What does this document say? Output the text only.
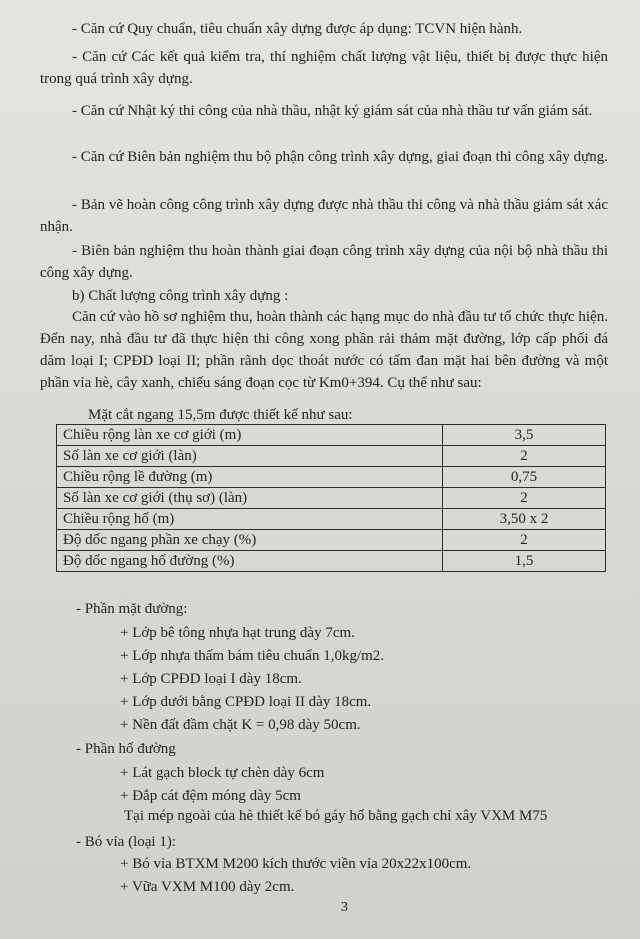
- Căn cứ Quy chuẩn, tiêu chuẩn xây dựng được áp dụng: TCVN hiện hành.
- Căn cứ Các kết quả kiểm tra, thí nghiệm chất lượng vật liệu, thiết bị được thực hiện trong quá trình xây dựng.
- Căn cứ Nhật ký thi công của nhà thầu, nhật ký giám sát của nhà thầu tư vấn giám sát.
- Căn cứ Biên bản nghiệm thu bộ phận công trình xây dựng, giai đoạn thi công xây dựng.
- Bản vẽ hoàn công công trình xây dựng được nhà thầu thi công và nhà thầu giám sát xác nhận.
- Biên bản nghiệm thu hoàn thành giai đoạn công trình xây dựng của nội bộ nhà thầu thi công xây dựng.
b) Chất lượng công trình xây dựng :
Căn cứ vào hồ sơ nghiệm thu, hoàn thành các hạng mục do nhà đầu tư tổ chức thực hiện. Đến nay, nhà đầu tư đã thực hiện thi công xong phần rải thảm mặt đường, lớp cấp phối đá dăm loại I; CPĐD loại II; phần rãnh dọc thoát nước có tấm đan mặt hai bên đường và một phần vỉa hè, cây xanh, chiếu sáng đoạn cọc từ Km0+394. Cụ thể như sau:
Mặt cắt ngang 15,5m được thiết kế như sau:
Chiều rộng làn xe cơ giới (m)	3,5
Số làn xe cơ giới (làn)	2
Chiều rộng lề đường (m)	0,75
Số làn xe cơ giới (thụ sơ) (làn)	2
Chiều rộng hố (m)	3,50 x 2
Độ dốc ngang phần xe chạy (%)	2
Độ dốc ngang hố đường (%)	1,5
- Phần mặt đường:
+ Lớp bê tông nhựa hạt trung dày 7cm.
+ Lớp nhựa thấm bám tiêu chuẩn 1,0kg/m2.
+ Lớp CPĐD loại I dày 18cm.
+ Lớp dưới bằng CPĐD loại II dày 18cm.
+ Nền đất đầm chặt K = 0,98 dày 50cm.
- Phần hố đường
+ Lát gạch block tự chèn dày 6cm
+ Đắp cát đệm móng dày 5cm
Tại mép ngoài của hè thiết kế bó gáy hố bằng gạch chỉ xây VXM M75
- Bó vỉa (loại 1):
+ Bó vỉa BTXM M200 kích thước viền vỉa 20x22x100cm.
+ Vữa VXM M100 dày 2cm.
3
